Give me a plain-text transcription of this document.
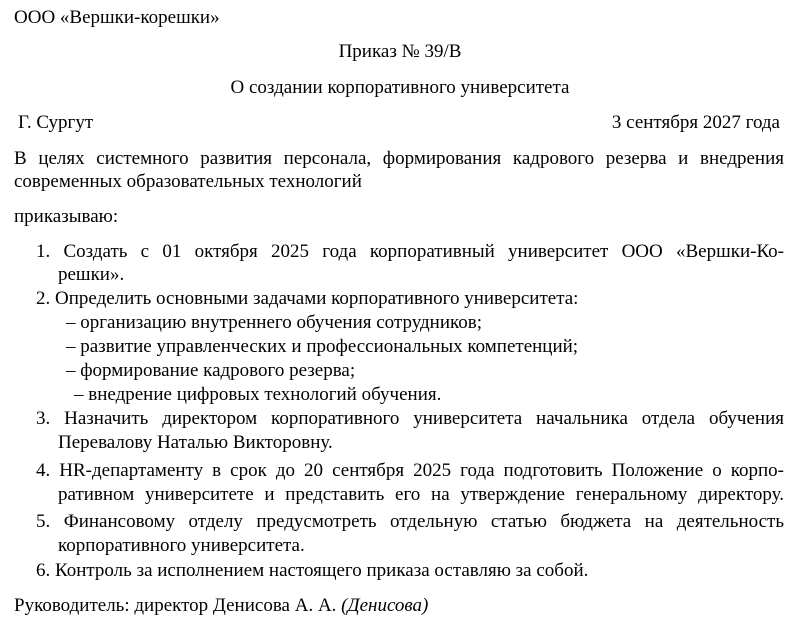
ООО «Вершки-корешки»
Приказ № 39/В
О создании корпоративного университета
Г. Сургут	3 сентября 2027 года
В целях системного развития персонала, формирования кадрового резерва и внедрения
современных образовательных технологий
приказываю:
1. Создать с 01 октября 2025 года корпоративный университет ООО «Вершки-Ко-
решки».
2. Определить основными задачами корпоративного университета:
– организацию внутреннего обучения сотрудников;
– развитие управленческих и профессиональных компетенций;
– формирование кадрового резерва;
– внедрение цифровых технологий обучения.
3. Назначить директором корпоративного университета начальника отдела обучения
Перевалову Наталью Викторовну.
4. HR-департаменту в срок до 20 сентября 2025 года подготовить Положение о корпо-
ративном университете и представить его на утверждение генеральному директору.
5. Финансовому отделу предусмотреть отдельную статью бюджета на деятельность
корпоративного университета.
6. Контроль за исполнением настоящего приказа оставляю за собой.
Руководитель: директор Денисова А. А. (Денисова)
